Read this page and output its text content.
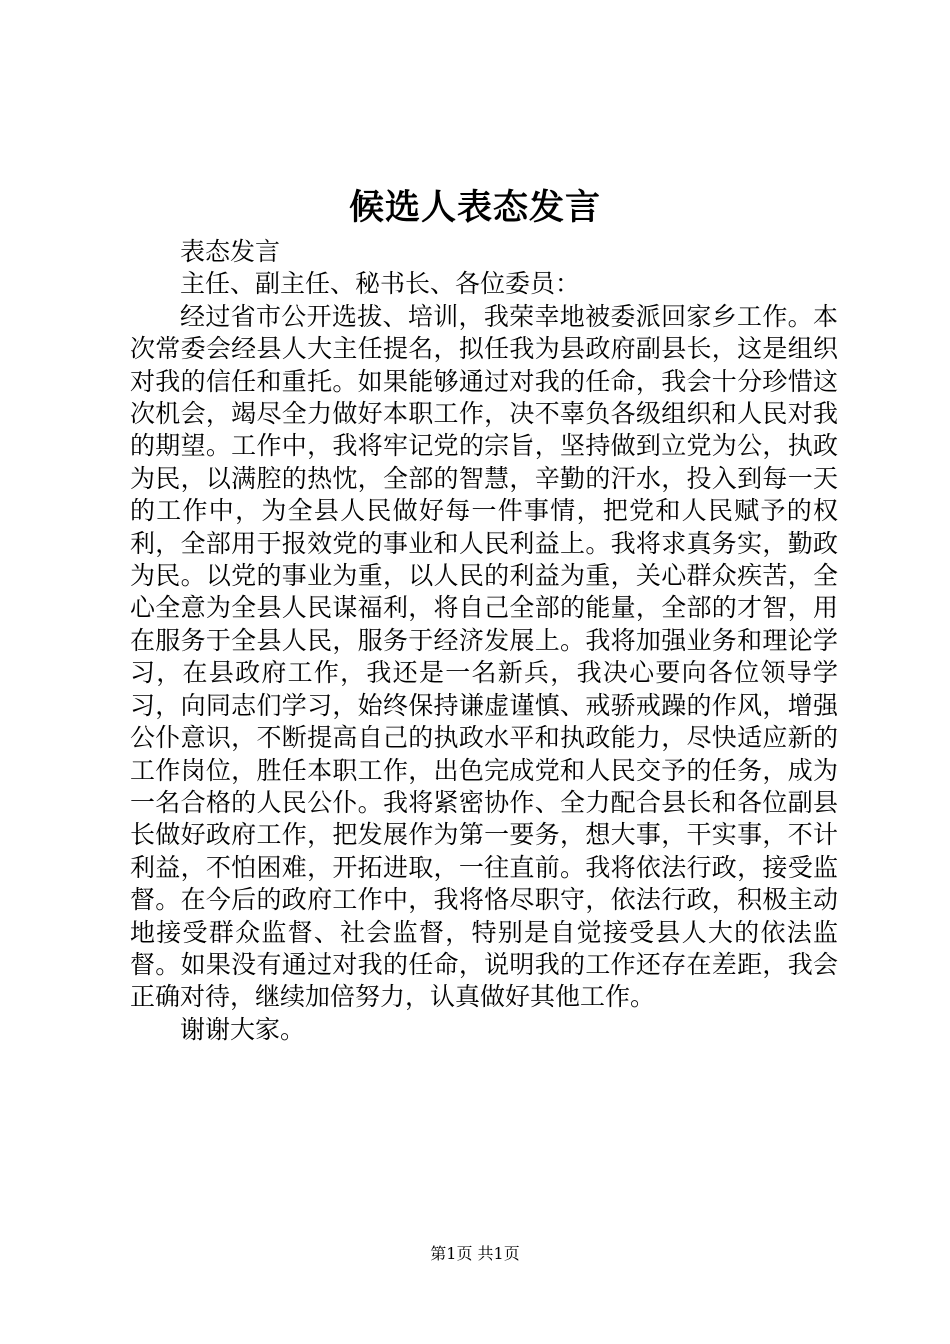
候选人表态发言

表态发言

主任、副主任、秘书长、各位委员：

经过省市公开选拔、培训，我荣幸地被委派回家乡工作。本次常委会经县人大主任提名，拟任我为县政府副县长，这是组织对我的信任和重托。如果能够通过对我的任命，我会十分珍惜这次机会，竭尽全力做好本职工作，决不辜负各级组织和人民对我的期望。工作中，我将牢记党的宗旨，坚持做到立党为公，执政为民，以满腔的热忱，全部的智慧，辛勤的汗水，投入到每一天的工作中，为全县人民做好每一件事情，把党和人民赋予的权利，全部用于报效党的事业和人民利益上。我将求真务实，勤政为民。以党的事业为重，以人民的利益为重，关心群众疾苦，全心全意为全县人民谋福利，将自己全部的能量，全部的才智，用在服务于全县人民，服务于经济发展上。我将加强业务和理论学习，在县政府工作，我还是一名新兵，我决心要向各位领导学习，向同志们学习，始终保持谦虚谨慎、戒骄戒躁的作风，增强公仆意识，不断提高自己的执政水平和执政能力，尽快适应新的工作岗位，胜任本职工作，出色完成党和人民交予的任务，成为一名合格的人民公仆。我将紧密协作、全力配合县长和各位副县长做好政府工作，把发展作为第一要务，想大事，干实事，不计利益，不怕困难，开拓进取，一往直前。我将依法行政，接受监督。在今后的政府工作中，我将恪尽职守，依法行政，积极主动地接受群众监督、社会监督，特别是自觉接受县人大的依法监督。如果没有通过对我的任命，说明我的工作还存在差距，我会正确对待，继续加倍努力，认真做好其他工作。

谢谢大家。

第1页 共1页
